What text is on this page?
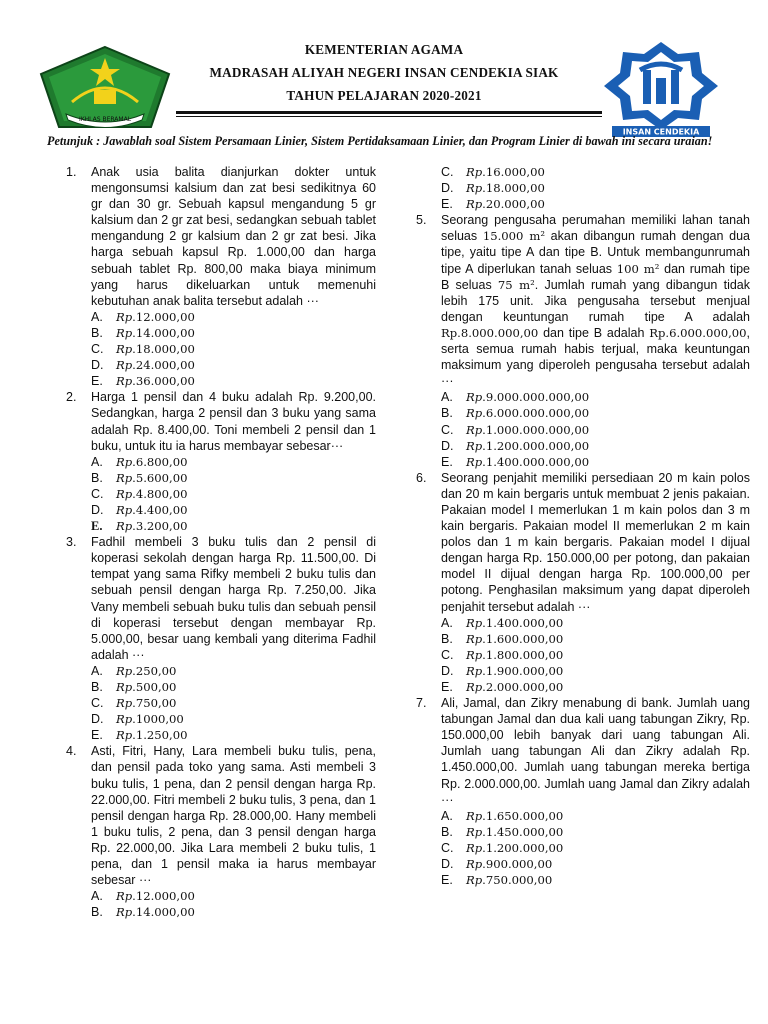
KEMENTERIAN AGAMA
MADRASAH ALIYAH NEGERI INSAN CENDEKIA SIAK
TAHUN PELAJARAN 2020-2021
IKHLAS BERAMAL
INSAN CENDEKIA
Petunjuk : Jawablah soal Sistem Persamaan Linier, Sistem Pertidaksamaan Linier, dan Program Linier di bawah ini secara uraian!
1.	Anak usia balita dianjurkan dokter untuk mengonsumsi kalsium dan zat besi sedikitnya 60 gr dan 30 gr. Sebuah kapsul mengandung 5 gr kalsium dan 2 gr zat besi, sedangkan sebuah tablet mengandung 2 gr kalsium dan 2 gr zat besi. Jika harga sebuah kapsul Rp. 1.000,00 dan harga sebuah tablet Rp. 800,00 maka biaya minimum yang harus dikeluarkan untuk memenuhi kebutuhan anak balita tersebut adalah ···
A.	Rp.12.000,00
B.	Rp.14.000,00
C.	Rp.18.000,00
D.	Rp.24.000,00
E.	Rp.36.000,00
2.	Harga 1 pensil dan 4 buku adalah Rp. 9.200,00. Sedangkan, harga 2 pensil dan 3 buku yang sama adalah Rp. 8.400,00. Toni membeli 2 pensil dan 1 buku, untuk itu ia harus membayar sebesar···
A.	Rp.6.800,00
B.	Rp.5.600,00
C.	Rp.4.800,00
D.	Rp.4.400,00
E.	Rp.3.200,00
3.	Fadhil membeli 3 buku tulis dan 2 pensil di koperasi sekolah dengan harga Rp. 11.500,00. Di tempat yang sama Rifky membeli 2 buku tulis dan sebuah pensil dengan harga Rp. 7.250,00. Jika Vany membeli sebuah buku tulis dan sebuah pensil di koperasi tersebut dengan membayar Rp. 5.000,00, besar uang kembali yang diterima Fadhil adalah ···
A.	Rp.250,00
B.	Rp.500,00
C.	Rp.750,00
D.	Rp.1000,00
E.	Rp.1.250,00
4.	Asti, Fitri, Hany, Lara membeli buku tulis, pena, dan pensil pada toko yang sama. Asti membeli 3 buku tulis, 1 pena, dan 2 pensil dengan harga Rp. 22.000,00. Fitri membeli 2 buku tulis, 3 pena, dan 1 pensil dengan harga Rp. 28.000,00. Hany membeli 1 buku tulis, 2 pena, dan 3 pensil dengan harga Rp. 22.000,00. Jika Lara membeli 2 buku tulis, 1 pena, dan 1 pensil maka ia harus membayar sebesar ···
A.	Rp.12.000,00
B.	Rp.14.000,00
C.	Rp.16.000,00
D.	Rp.18.000,00
E.	Rp.20.000,00
5.	Seorang pengusaha perumahan memiliki lahan tanah seluas 15.000 m² akan dibangun rumah dengan dua tipe, yaitu tipe A dan tipe B. Untuk membangunrumah tipe A diperlukan tanah seluas 100 m² dan rumah tipe B seluas 75 m². Jumlah rumah yang dibangun tidak lebih 175 unit. Jika pengusaha tersebut menjual dengan keuntungan rumah tipe A adalah Rp.8.000.000,00 dan tipe B adalah Rp.6.000.000,00, serta semua rumah habis terjual, maka keuntungan maksimum yang diperoleh pengusaha tersebut adalah ···
A.	Rp.9.000.000.000,00
B.	Rp.6.000.000.000,00
C.	Rp.1.000.000.000,00
D.	Rp.1.200.000.000,00
E.	Rp.1.400.000.000,00
6.	Seorang penjahit memiliki persediaan 20 m kain polos dan 20 m kain bergaris untuk membuat 2 jenis pakaian. Pakaian model I memerlukan 1 m kain polos dan 3 m kain bergaris. Pakaian model II memerlukan 2 m kain polos dan 1 m kain bergaris. Pakaian model I dijual dengan harga Rp. 150.000,00 per potong, dan pakaian model II dijual dengan harga Rp. 100.000,00 per potong. Penghasilan maksimum yang dapat diperoleh penjahit tersebut adalah ···
A.	Rp.1.400.000,00
B.	Rp.1.600.000,00
C.	Rp.1.800.000,00
D.	Rp.1.900.000,00
E.	Rp.2.000.000,00
7.	Ali, Jamal, dan Zikry menabung di bank. Jumlah uang tabungan Jamal dan dua kali uang tabungan Zikry, Rp. 150.000,00 lebih banyak dari uang tabungan Ali. Jumlah uang tabungan Ali dan Zikry adalah Rp. 1.450.000,00. Jumlah uang tabungan mereka bertiga Rp. 2.000.000,00. Jumlah uang Jamal dan Zikry adalah ···
A.	Rp.1.650.000,00
B.	Rp.1.450.000,00
C.	Rp.1.200.000,00
D.	Rp.900.000,00
E.	Rp.750.000,00
